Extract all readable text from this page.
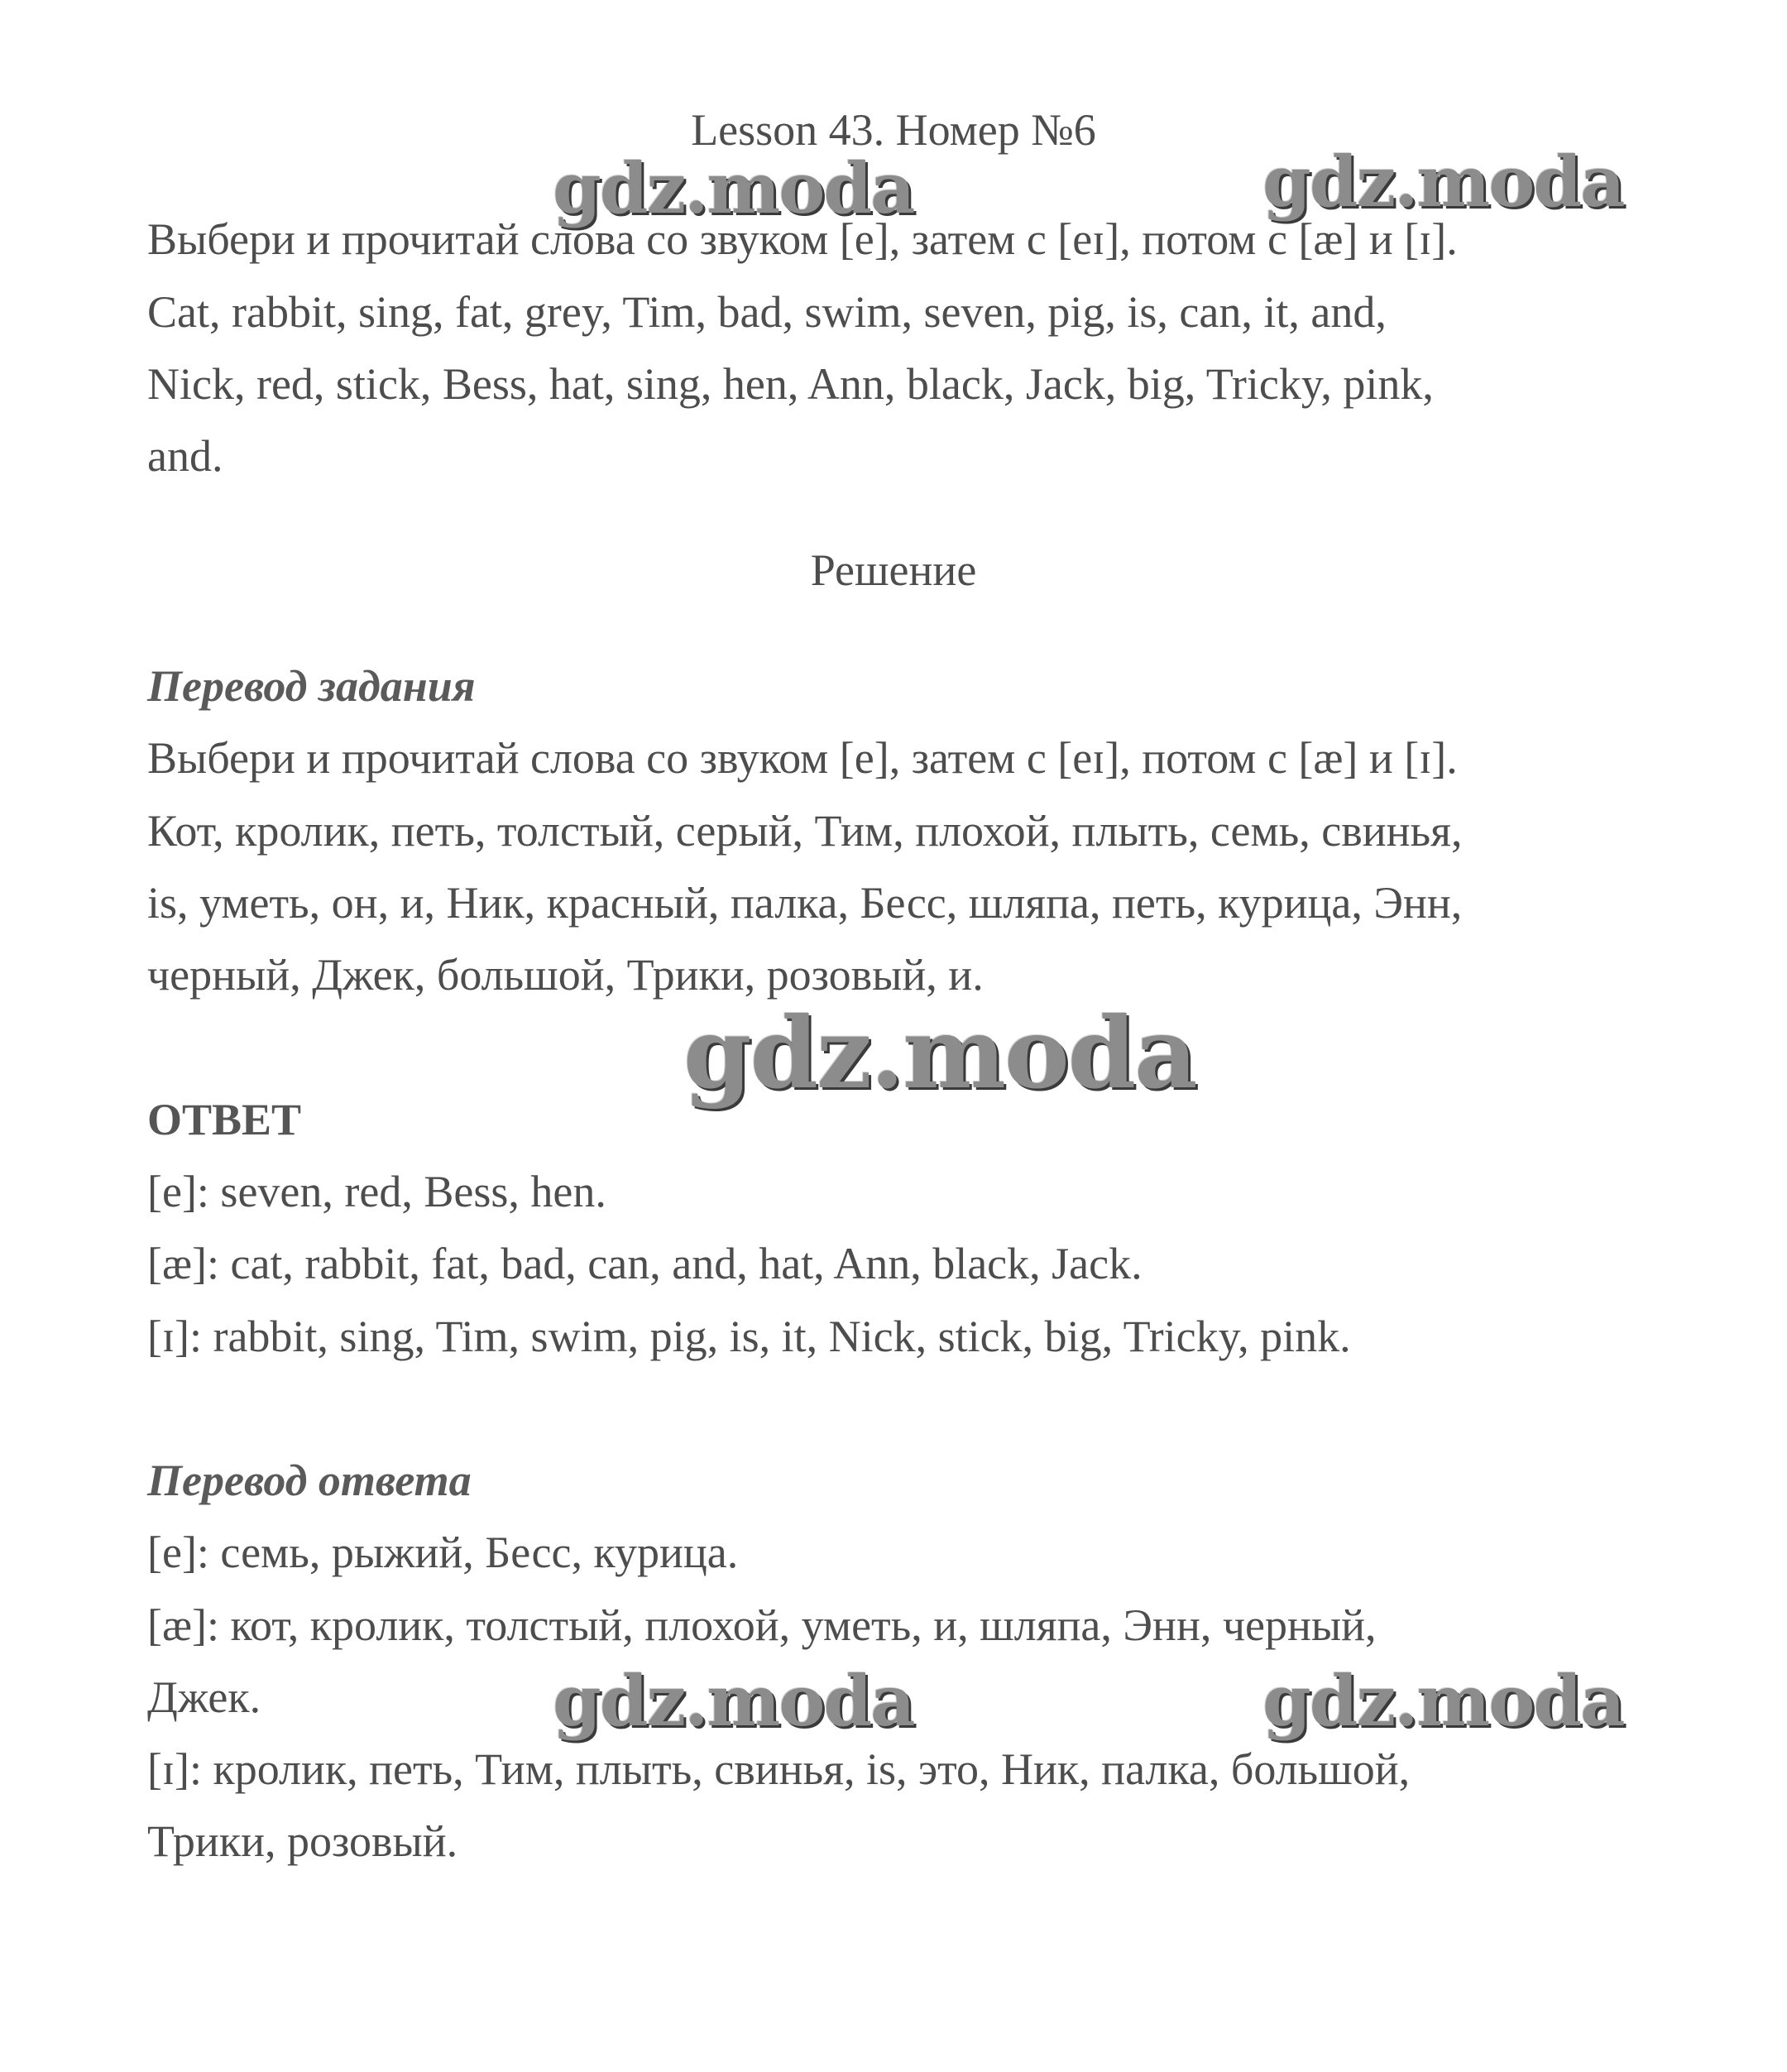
Lesson 43. Номер №6
Выбери и прочитай слова со звуком [e], затем с [eɪ], потом с [æ] и [ɪ].
Cat, rabbit, sing, fat, grey, Tim, bad, swim, seven, pig, is, can, it, and,
Nick, red, stick, Bess, hat, sing, hen, Ann, black, Jack, big, Tricky, pink,
and.
Решение
Перевод задания
Выбери и прочитай слова со звуком [e], затем с [eɪ], потом с [æ] и [ɪ].
Кот, кролик, петь, толстый, серый, Тим, плохой, плыть, семь, свинья,
is, уметь, он, и, Ник, красный, палка, Бесс, шляпа, петь, курица, Энн,
черный, Джек, большой, Трики, розовый, и.
ОТВЕТ
[e]: seven, red, Bess, hen.
[æ]: cat, rabbit, fat, bad, can, and, hat, Ann, black, Jack.
[ɪ]: rabbit, sing, Tim, swim, pig, is, it, Nick, stick, big, Tricky, pink.
Перевод ответа
[e]: семь, рыжий, Бесс, курица.
[æ]: кот, кролик, толстый, плохой, уметь, и, шляпа, Энн, черный,
Джек.
[ɪ]: кролик, петь, Тим, плыть, свинья, is, это, Ник, палка, большой,
Трики, розовый.
gdz.moda	gdz.moda
gdz.moda
gdz.moda	gdz.moda
